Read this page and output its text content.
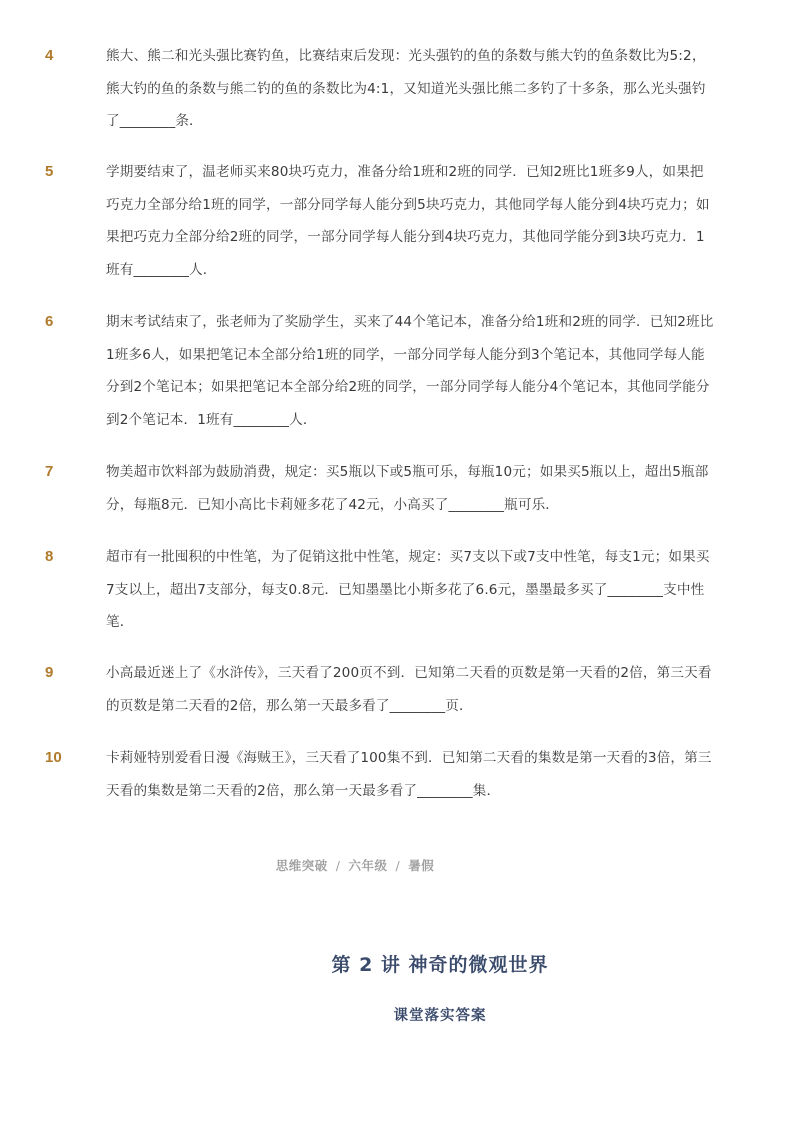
4	熊大、熊二和光头强比赛钓鱼，比赛结束后发现：光头强钓的鱼的条数与熊大钓的鱼条数比为5:2，熊大钓的鱼的条数与熊二钓的鱼的条数比为4:1，又知道光头强比熊二多钓了十多条，那么光头强钓了________条．
5	学期要结束了，温老师买来80块巧克力，准备分给1班和2班的同学．已知2班比1班多9人，如果把巧克力全部分给1班的同学，一部分同学每人能分到5块巧克力，其他同学每人能分到4块巧克力；如果把巧克力全部分给2班的同学，一部分同学每人能分到4块巧克力，其他同学能分到3块巧克力．1班有________人．
6	期末考试结束了，张老师为了奖励学生，买来了44个笔记本，准备分给1班和2班的同学．已知2班比1班多6人，如果把笔记本全部分给1班的同学，一部分同学每人能分到3个笔记本，其他同学每人能分到2个笔记本；如果把笔记本全部分给2班的同学，一部分同学每人能分4个笔记本，其他同学能分到2个笔记本．1班有________人．
7	物美超市饮料部为鼓励消费，规定：买5瓶以下或5瓶可乐，每瓶10元；如果买5瓶以上，超出5瓶部分，每瓶8元．已知小高比卡莉娅多花了42元，小高买了________瓶可乐．
8	超市有一批囤积的中性笔，为了促销这批中性笔，规定：买7支以下或7支中性笔，每支1元；如果买7支以上，超出7支部分，每支0.8元．已知墨墨比小斯多花了6.6元，墨墨最多买了________支中性笔．
9	小高最近迷上了《水浒传》，三天看了200页不到．已知第二天看的页数是第一天看的2倍，第三天看的页数是第二天看的2倍，那么第一天最多看了________页．
10	卡莉娅特别爱看日漫《海贼王》，三天看了100集不到．已知第二天看的集数是第一天看的3倍，第三天看的集数是第二天看的2倍，那么第一天最多看了________集．
思维突破 / 六年级 / 暑假
第 2 讲 神奇的微观世界
课堂落实答案
